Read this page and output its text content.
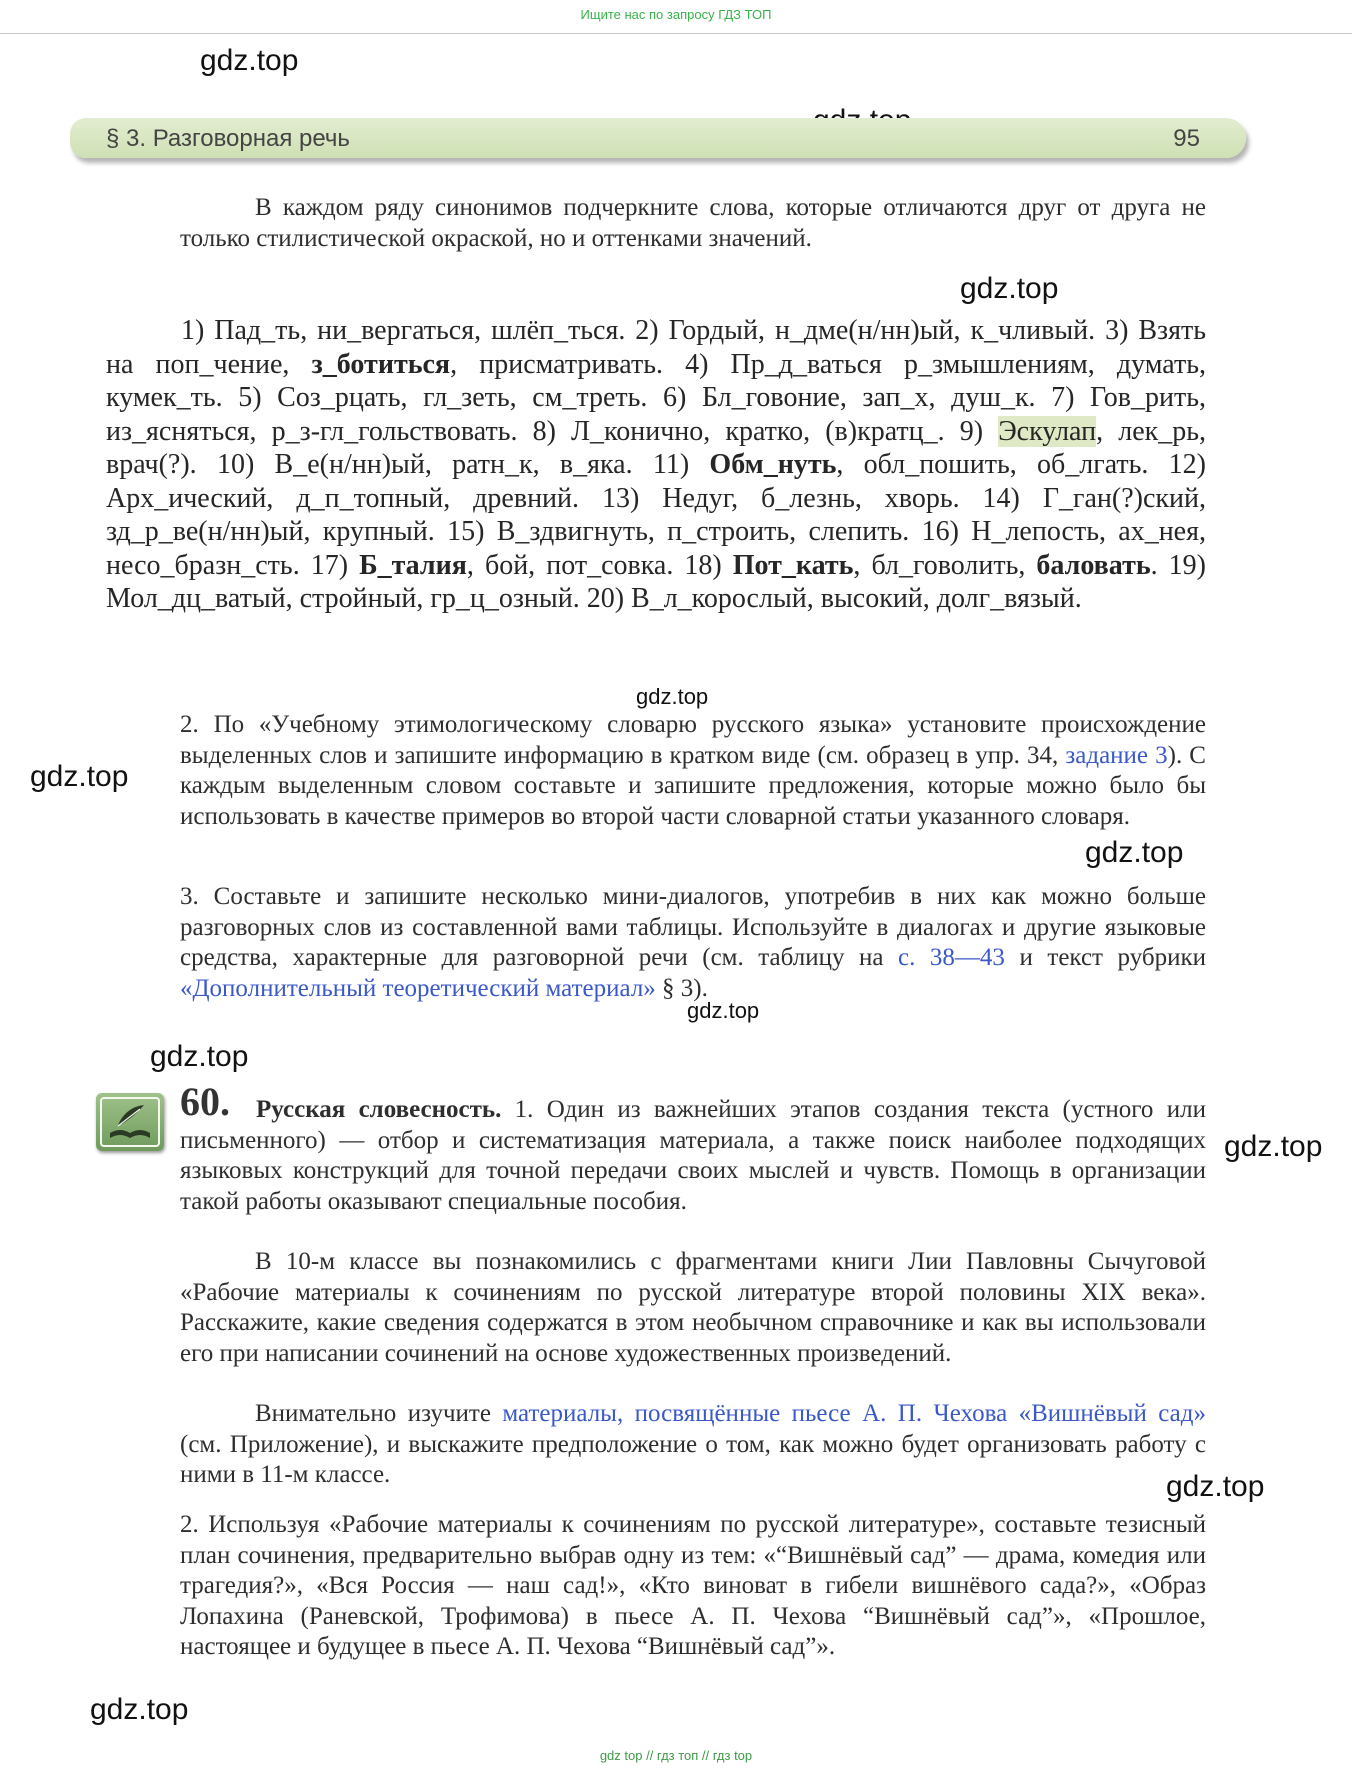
Ищите нас по запросу ГДЗ ТОП
gdz.top
gdz.top
gdz.top
gdz.top
gdz.top
gdz.top
gdz.top
gdz.top
gdz.top
gdz.top
§ 3. Разговорная речь	95

В каждом ряду синонимов подчеркните слова, которые отличаются друг от друга не только стилистической окраской, но и оттенками значений.

1) Пад_ть, ни_вергаться, шлёп_ться. 2) Гордый, н_дме(н/нн)ый, к_чливый. 3) Взять на поп_чение, з_ботиться, присматривать. 4) Пр_д_ваться р_змышлениям, думать, кумек_ть. 5) Соз_рцать, гл_зеть, см_треть. 6) Бл_говоние, зап_х, душ_к. 7) Гов_рить, из_ясняться, р_з-гл_гольствовать. 8) Л_конично, кратко, (в)кратц_. 9) Эскулап, лек_рь, врач(?). 10) В_е(н/нн)ый, ратн_к, в_яка. 11) Обм_нуть, обл_пошить, об_лгать. 12) Арх_ический, д_п_топный, древний. 13) Недуг, б_лезнь, хворь. 14) Г_ган(?)ский, зд_р_ве(н/нн)ый, крупный. 15) В_здвигнуть, п_строить, слепить. 16) Н_лепость, ах_нея, несо_бразн_сть. 17) Б_талия, бой, пот_совка. 18) Пот_кать, бл_говолить, баловать. 19) Мол_дц_ватый, стройный, гр_ц_озный. 20) В_л_корослый, высокий, долг_вязый.

2. По «Учебному этимологическому словарю русского языка» установите происхождение выделенных слов и запишите информацию в кратком виде (см. образец в упр. 34, задание 3). С каждым выделенным словом составьте и запишите предложения, которые можно было бы использовать в качестве примеров во второй части словарной статьи указанного словаря.

3. Составьте и запишите несколько мини-диалогов, употребив в них как можно больше разговорных слов из составленной вами таблицы. Используйте в диалогах и другие языковые средства, характерные для разговорной речи (см. таблицу на с. 38—43 и текст рубрики «Дополнительный теоретический материал» § 3).

60.	Русская словесность. 1. Один из важнейших этапов создания текста (устного или письменного) — отбор и систематизация материала, а также поиск наиболее подходящих языковых конструкций для точной передачи своих мыслей и чувств. Помощь в организации такой работы оказывают специальные пособия.

В 10-м классе вы познакомились с фрагментами книги Лии Павловны Сычуговой «Рабочие материалы к сочинениям по русской литературе второй половины XIX века». Расскажите, какие сведения содержатся в этом необычном справочнике и как вы использовали его при написании сочинений на основе художественных произведений.

Внимательно изучите материалы, посвящённые пьесе А. П. Чехова «Вишнёвый сад» (см. Приложение), и выскажите предположение о том, как можно будет организовать работу с ними в 11-м классе.

2. Используя «Рабочие материалы к сочинениям по русской литературе», составьте тезисный план сочинения, предварительно выбрав одну из тем: «“Вишнёвый сад” — драма, комедия или трагедия?», «Вся Россия — наш сад!», «Кто виноват в гибели вишнёвого сада?», «Образ Лопахина (Раневской, Трофимова) в пьесе А. П. Чехова “Вишнёвый сад”», «Прошлое, настоящее и будущее в пьесе А. П. Чехова “Вишнёвый сад”».

gdz top // гдз топ // гдз top
